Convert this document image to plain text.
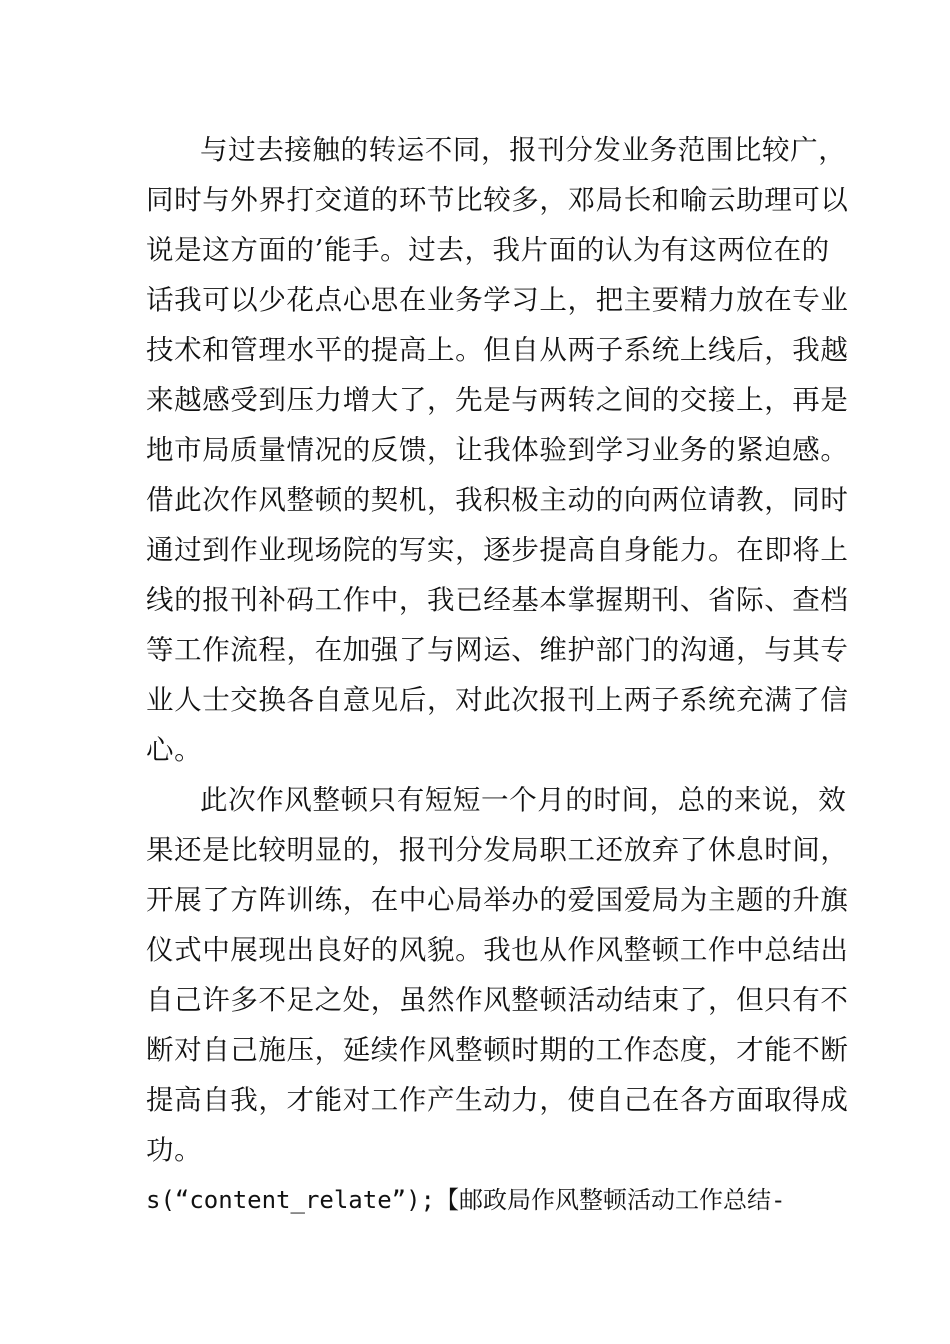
与过去接触的转运不同，报刊分发业务范围比较广，
同时与外界打交道的环节比较多，邓局长和喻云助理可以
说是这方面的’能手。过去，我片面的认为有这两位在的
话我可以少花点心思在业务学习上，把主要精力放在专业
技术和管理水平的提高上。但自从两子系统上线后，我越
来越感受到压力增大了，先是与两转之间的交接上，再是
地市局质量情况的反馈，让我体验到学习业务的紧迫感。
借此次作风整顿的契机，我积极主动的向两位请教，同时
通过到作业现场院的写实，逐步提高自身能力。在即将上
线的报刊补码工作中，我已经基本掌握期刊、省际、查档
等工作流程，在加强了与网运、维护部门的沟通，与其专
业人士交换各自意见后，对此次报刊上两子系统充满了信
心。
此次作风整顿只有短短一个月的时间，总的来说，效
果还是比较明显的，报刊分发局职工还放弃了休息时间，
开展了方阵训练，在中心局举办的爱国爱局为主题的升旗
仪式中展现出良好的风貌。我也从作风整顿工作中总结出
自己许多不足之处，虽然作风整顿活动结束了，但只有不
断对自己施压，延续作风整顿时期的工作态度，才能不断
提高自我，才能对工作产生动力，使自己在各方面取得成
功。
s(“content_relate”);【邮政局作风整顿活动工作总结-
